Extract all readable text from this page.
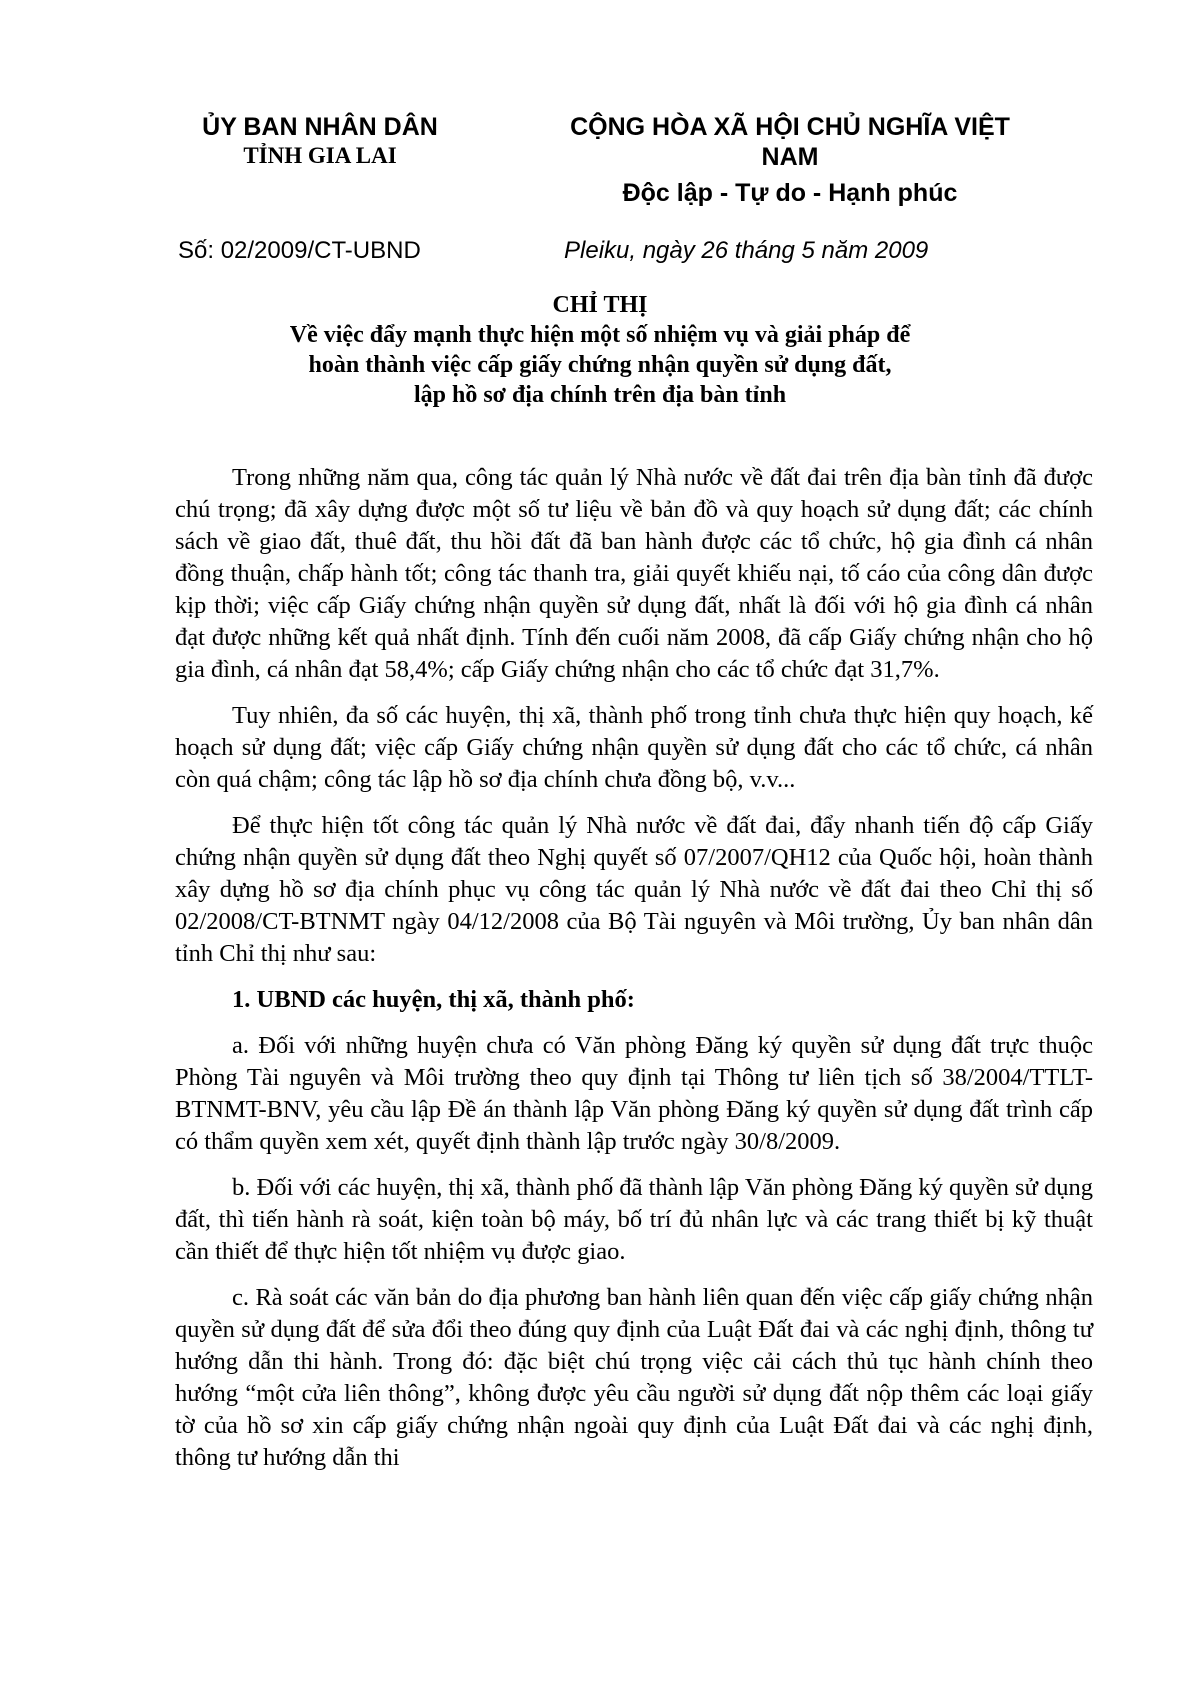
ỦY BAN NHÂN DÂN
TỈNH GIA LAI
CỘNG HÒA XÃ HỘI CHỦ NGHĨA VIỆT
NAM
Độc lập - Tự do - Hạnh phúc
Số: 02/2009/CT-UBND	Pleiku, ngày 26 tháng 5 năm 2009
CHỈ THỊ
Về việc đẩy mạnh thực hiện một số nhiệm vụ và giải pháp để
hoàn thành việc cấp giấy chứng nhận quyền sử dụng đất,
lập hồ sơ địa chính trên địa bàn tỉnh

Trong những năm qua, công tác quản lý Nhà nước về đất đai trên địa bàn tỉnh đã được chú trọng; đã xây dựng được một số tư liệu về bản đồ và quy hoạch sử dụng đất; các chính sách về giao đất, thuê đất, thu hồi đất đã ban hành được các tổ chức, hộ gia đình cá nhân đồng thuận, chấp hành tốt; công tác thanh tra, giải quyết khiếu nại, tố cáo của công dân được kịp thời; việc cấp Giấy chứng nhận quyền sử dụng đất, nhất là đối với hộ gia đình cá nhân đạt được những kết quả nhất định. Tính đến cuối năm 2008, đã cấp Giấy chứng nhận cho hộ gia đình, cá nhân đạt 58,4%; cấp Giấy chứng nhận cho các tổ chức đạt 31,7%.

Tuy nhiên, đa số các huyện, thị xã, thành phố trong tỉnh chưa thực hiện quy hoạch, kế hoạch sử dụng đất; việc cấp Giấy chứng nhận quyền sử dụng đất cho các tổ chức, cá nhân còn quá chậm; công tác lập hồ sơ địa chính chưa đồng bộ, v.v...

Để thực hiện tốt công tác quản lý Nhà nước về đất đai, đẩy nhanh tiến độ cấp Giấy chứng nhận quyền sử dụng đất theo Nghị quyết số 07/2007/QH12 của Quốc hội, hoàn thành xây dựng hồ sơ địa chính phục vụ công tác quản lý Nhà nước về đất đai theo Chỉ thị số 02/2008/CT-BTNMT ngày 04/12/2008 của Bộ Tài nguyên và Môi trường, Ủy ban nhân dân tỉnh Chỉ thị như sau:

1. UBND các huyện, thị xã, thành phố:

a. Đối với những huyện chưa có Văn phòng Đăng ký quyền sử dụng đất trực thuộc Phòng Tài nguyên và Môi trường theo quy định tại Thông tư liên tịch số 38/2004/TTLT-BTNMT-BNV, yêu cầu lập Đề án thành lập Văn phòng Đăng ký quyền sử dụng đất trình cấp có thẩm quyền xem xét, quyết định thành lập trước ngày 30/8/2009.

b. Đối với các huyện, thị xã, thành phố đã thành lập Văn phòng Đăng ký quyền sử dụng đất, thì tiến hành rà soát, kiện toàn bộ máy, bố trí đủ nhân lực và các trang thiết bị kỹ thuật cần thiết để thực hiện tốt nhiệm vụ được giao.

c. Rà soát các văn bản do địa phương ban hành liên quan đến việc cấp giấy chứng nhận quyền sử dụng đất để sửa đổi theo đúng quy định của Luật Đất đai và các nghị định, thông tư hướng dẫn thi hành. Trong đó: đặc biệt chú trọng việc cải cách thủ tục hành chính theo hướng “một cửa liên thông”, không được yêu cầu người sử dụng đất nộp thêm các loại giấy tờ của hồ sơ xin cấp giấy chứng nhận ngoài quy định của Luật Đất đai và các nghị định, thông tư hướng dẫn thi
